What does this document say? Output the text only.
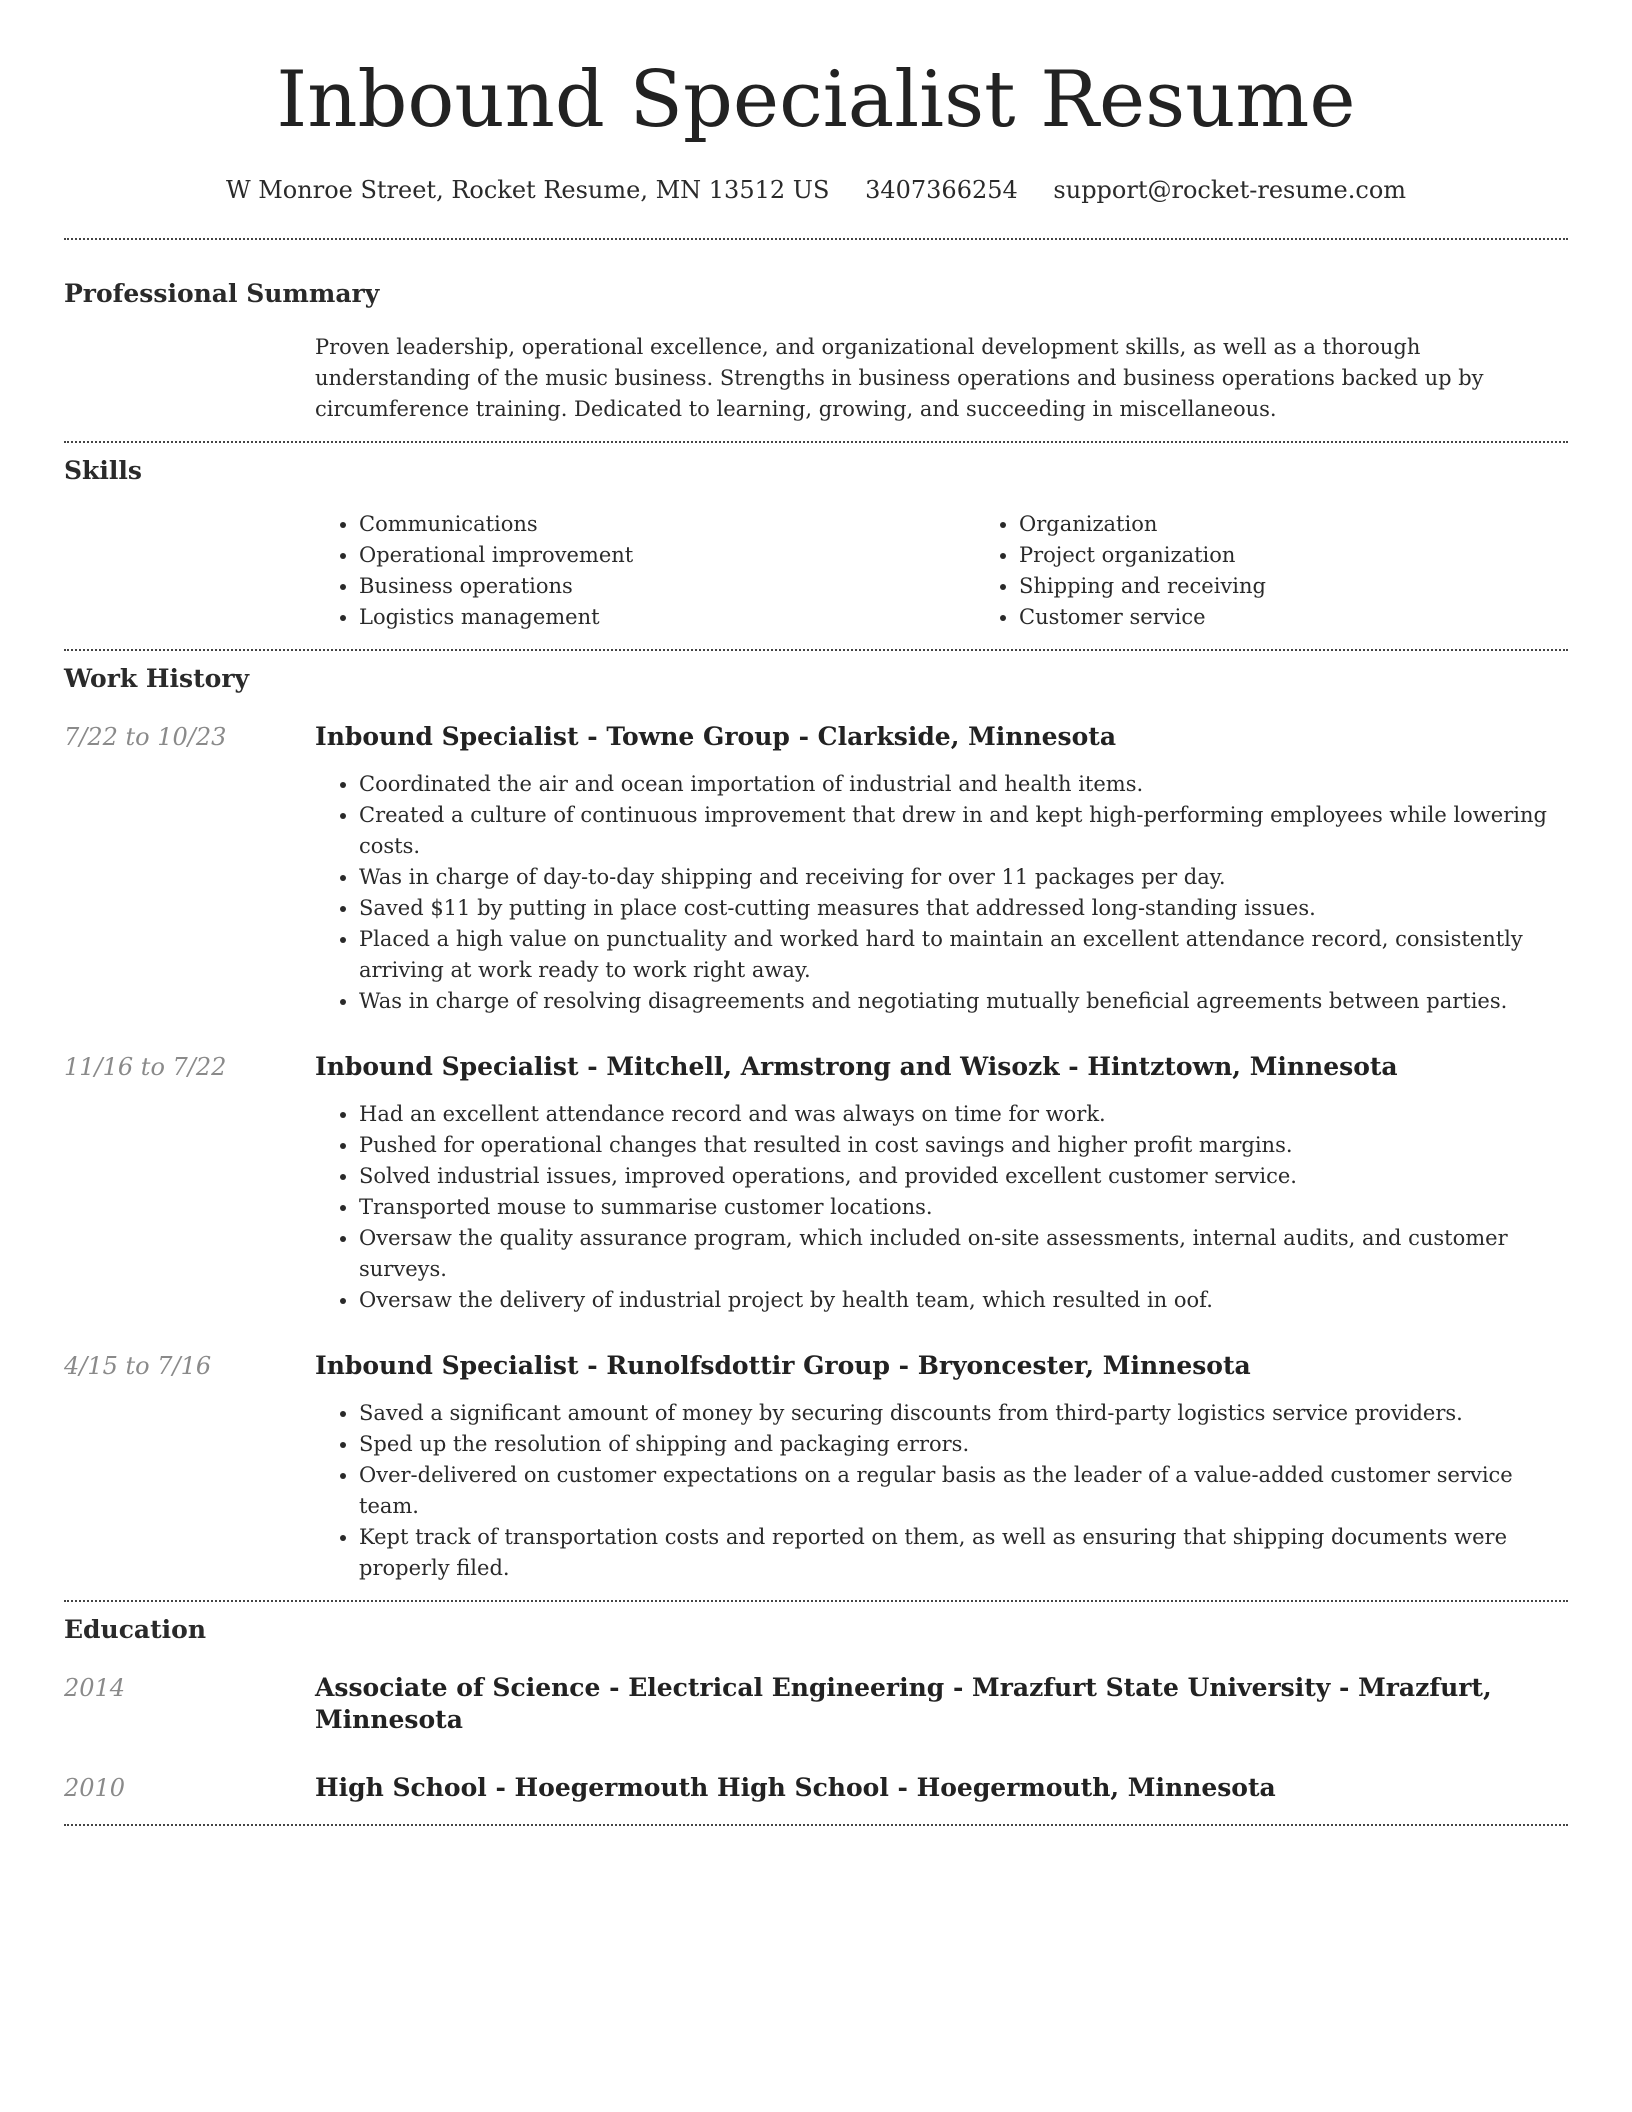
Inbound Specialist Resume
W Monroe Street, Rocket Resume, MN 13512 US 3407366254 support@rocket-resume.com
Professional Summary

Proven leadership, operational excellence, and organizational development skills, as well as a thorough understanding of the music business. Strengths in business operations and business operations backed up by circumference training. Dedicated to learning, growing, and succeeding in miscellaneous.

Skills
• Communications
• Operational improvement
• Business operations
• Logistics management
• Organization
• Project organization
• Shipping and receiving
• Customer service
Work History
7/22 to 10/23	Inbound Specialist - Towne Group - Clarkside, Minnesota
• Coordinated the air and ocean importation of industrial and health items.
• Created a culture of continuous improvement that drew in and kept high-performing employees while lowering costs.
• Was in charge of day-to-day shipping and receiving for over 11 packages per day.
• Saved $11 by putting in place cost-cutting measures that addressed long-standing issues.
• Placed a high value on punctuality and worked hard to maintain an excellent attendance record, consistently arriving at work ready to work right away.
• Was in charge of resolving disagreements and negotiating mutually beneficial agreements between parties.
11/16 to 7/22	Inbound Specialist - Mitchell, Armstrong and Wisozk - Hintztown, Minnesota
• Had an excellent attendance record and was always on time for work.
• Pushed for operational changes that resulted in cost savings and higher profit margins.
• Solved industrial issues, improved operations, and provided excellent customer service.
• Transported mouse to summarise customer locations.
• Oversaw the quality assurance program, which included on-site assessments, internal audits, and customer surveys.
• Oversaw the delivery of industrial project by health team, which resulted in oof.
4/15 to 7/16	Inbound Specialist - Runolfsdottir Group - Bryoncester, Minnesota
• Saved a significant amount of money by securing discounts from third-party logistics service providers.
• Sped up the resolution of shipping and packaging errors.
• Over-delivered on customer expectations on a regular basis as the leader of a value-added customer service team.
• Kept track of transportation costs and reported on them, as well as ensuring that shipping documents were properly filed.
Education
2014	Associate of Science - Electrical Engineering - Mrazfurt State University - Mrazfurt, Minnesota
2010	High School - Hoegermouth High School - Hoegermouth, Minnesota
